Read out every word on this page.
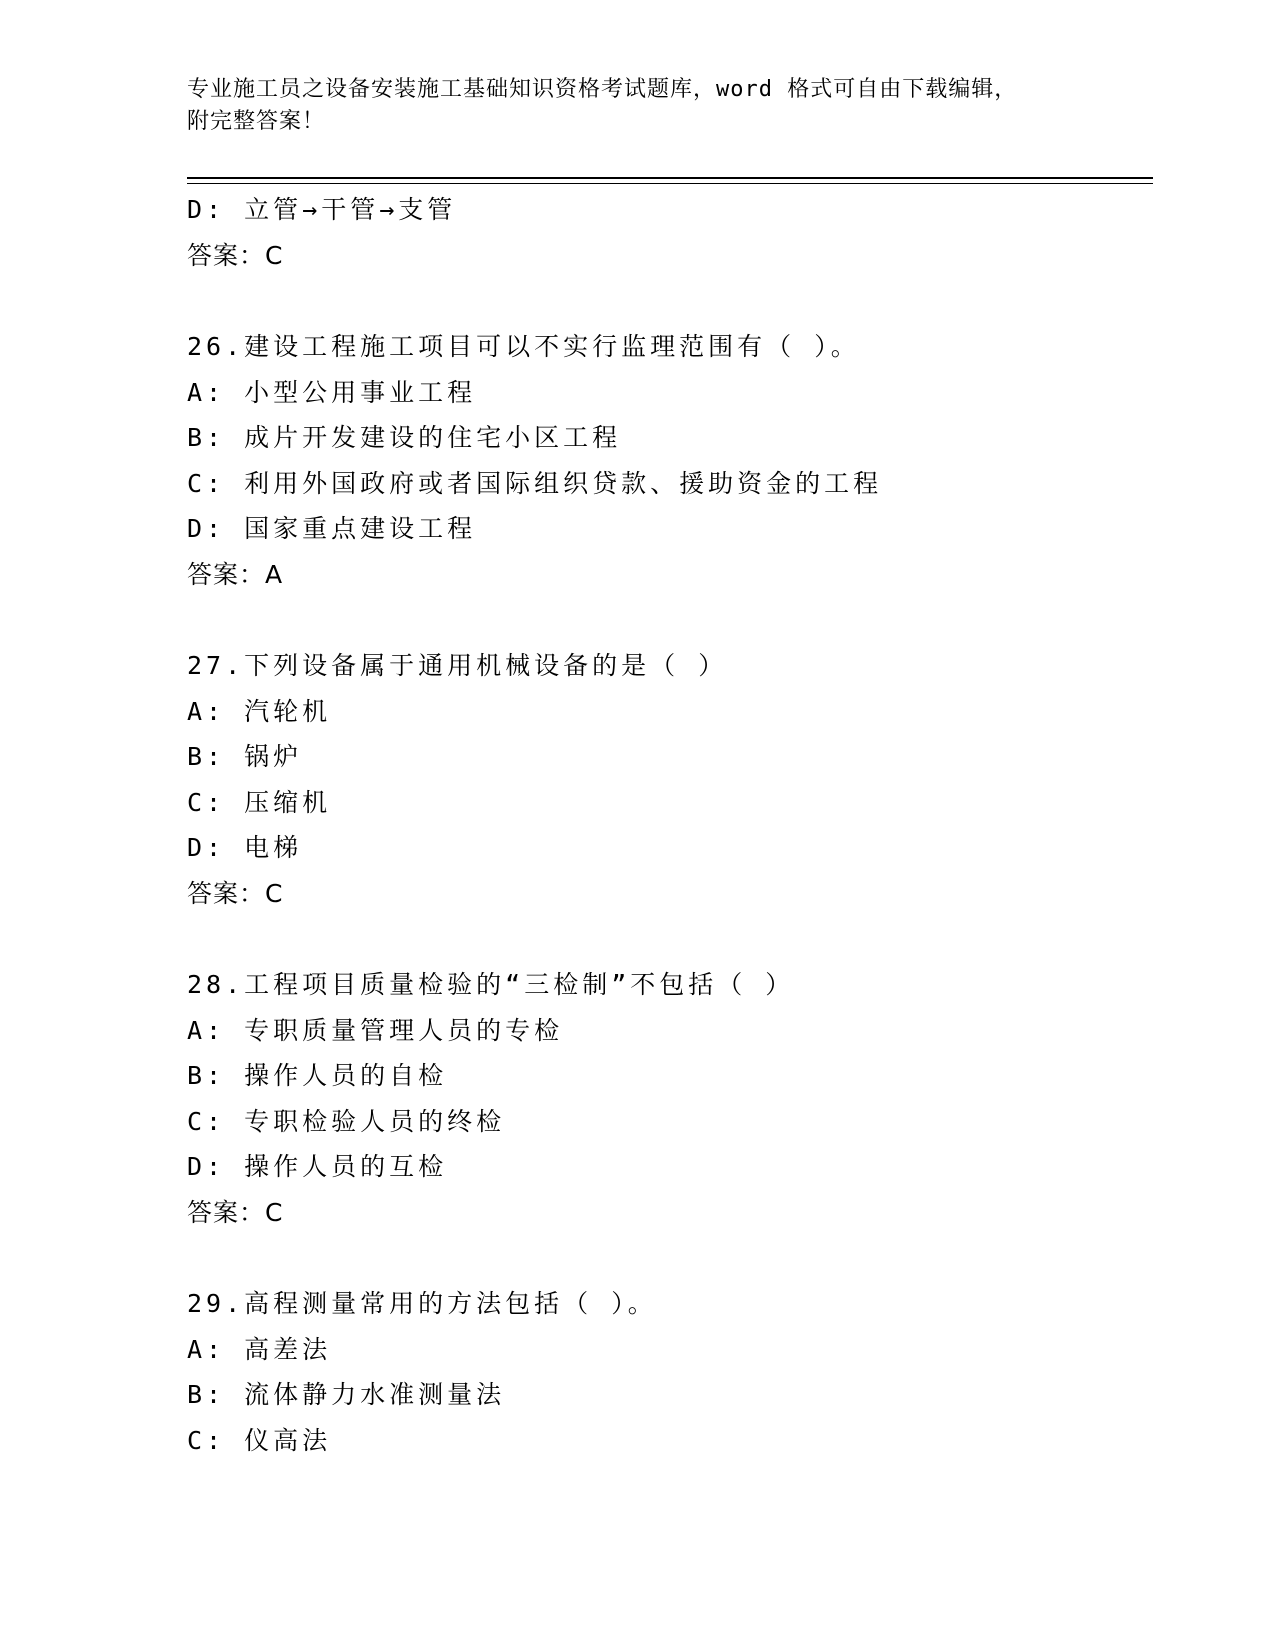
专业施工员之设备安装施工基础知识资格考试题库，word 格式可自由下载编辑，
附完整答案！
D: 立管→干管→支管
答案：C
26.建设工程施工项目可以不实行监理范围有（ ）。
A: 小型公用事业工程
B: 成片开发建设的住宅小区工程
C: 利用外国政府或者国际组织贷款、援助资金的工程
D: 国家重点建设工程
答案：A
27.下列设备属于通用机械设备的是（ ）
A: 汽轮机
B: 锅炉
C: 压缩机
D: 电梯
答案：C
28.工程项目质量检验的“三检制”不包括（ ）
A: 专职质量管理人员的专检
B: 操作人员的自检
C: 专职检验人员的终检
D: 操作人员的互检
答案：C
29.高程测量常用的方法包括（ ）。
A: 高差法
B: 流体静力水准测量法
C: 仪高法
